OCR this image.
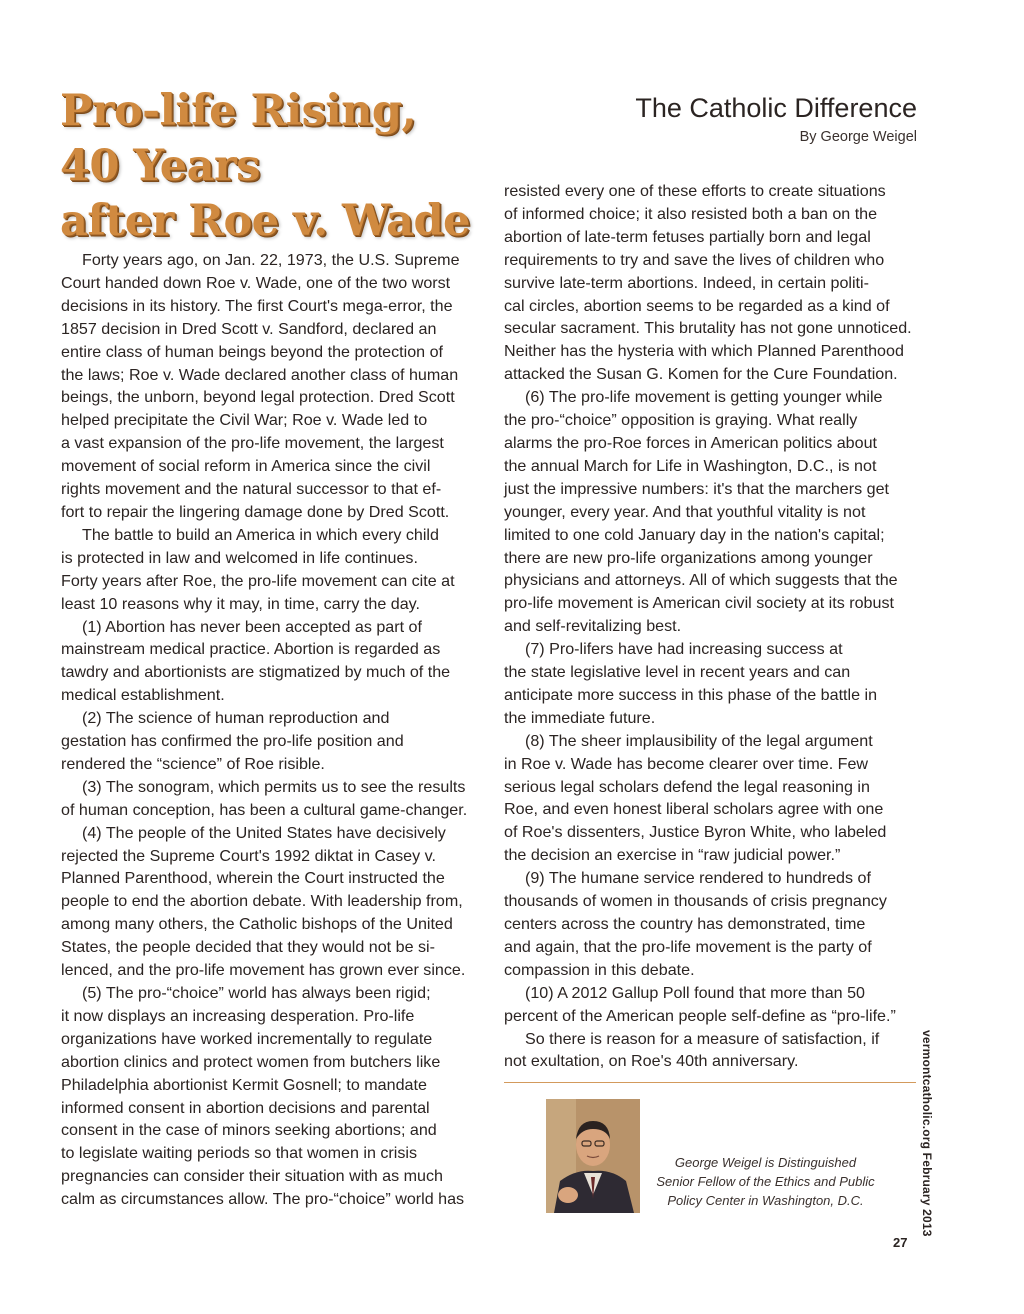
Pro-life Rising,
40 Years
after Roe v. Wade
The Catholic Difference
By George Weigel

Forty years ago, on Jan. 22, 1973, the U.S. Supreme
Court handed down Roe v. Wade, one of the two worst
decisions in its history. The first Court's mega-error, the
1857 decision in Dred Scott v. Sandford, declared an
entire class of human beings beyond the protection of
the laws; Roe v. Wade declared another class of human
beings, the unborn, beyond legal protection. Dred Scott
helped precipitate the Civil War; Roe v. Wade led to
a vast expansion of the pro-life movement, the largest
movement of social reform in America since the civil
rights movement and the natural successor to that ef-
fort to repair the lingering damage done by Dred Scott.

The battle to build an America in which every child
is protected in law and welcomed in life continues.
Forty years after Roe, the pro-life movement can cite at
least 10 reasons why it may, in time, carry the day.

(1) Abortion has never been accepted as part of
mainstream medical practice. Abortion is regarded as
tawdry and abortionists are stigmatized by much of the
medical establishment.

(2) The science of human reproduction and
gestation has confirmed the pro-life position and
rendered the “science” of Roe risible.

(3) The sonogram, which permits us to see the results
of human conception, has been a cultural game-changer.

(4) The people of the United States have decisively
rejected the Supreme Court's 1992 diktat in Casey v.
Planned Parenthood, wherein the Court instructed the
people to end the abortion debate. With leadership from,
among many others, the Catholic bishops of the United
States, the people decided that they would not be si-
lenced, and the pro-life movement has grown ever since.

(5) The pro-“choice” world has always been rigid;
it now displays an increasing desperation. Pro-life
organizations have worked incrementally to regulate
abortion clinics and protect women from butchers like
Philadelphia abortionist Kermit Gosnell; to mandate
informed consent in abortion decisions and parental
consent in the case of minors seeking abortions; and
to legislate waiting periods so that women in crisis
pregnancies can consider their situation with as much
calm as circumstances allow. The pro-“choice” world has

resisted every one of these efforts to create situations
of informed choice; it also resisted both a ban on the
abortion of late-term fetuses partially born and legal
requirements to try and save the lives of children who
survive late-term abortions. Indeed, in certain politi-
cal circles, abortion seems to be regarded as a kind of
secular sacrament. This brutality has not gone unnoticed.
Neither has the hysteria with which Planned Parenthood
attacked the Susan G. Komen for the Cure Foundation.

(6) The pro-life movement is getting younger while
the pro-“choice” opposition is graying. What really
alarms the pro-Roe forces in American politics about
the annual March for Life in Washington, D.C., is not
just the impressive numbers: it's that the marchers get
younger, every year. And that youthful vitality is not
limited to one cold January day in the nation's capital;
there are new pro-life organizations among younger
physicians and attorneys. All of which suggests that the
pro-life movement is American civil society at its robust
and self-revitalizing best.

(7) Pro-lifers have had increasing success at
the state legislative level in recent years and can
anticipate more success in this phase of the battle in
the immediate future.

(8) The sheer implausibility of the legal argument
in Roe v. Wade has become clearer over time. Few
serious legal scholars defend the legal reasoning in
Roe, and even honest liberal scholars agree with one
of Roe's dissenters, Justice Byron White, who labeled
the decision an exercise in “raw judicial power.”

(9) The humane service rendered to hundreds of
thousands of women in thousands of crisis pregnancy
centers across the country has demonstrated, time
and again, that the pro-life movement is the party of
compassion in this debate.

(10) A 2012 Gallup Poll found that more than 50
percent of the American people self-define as “pro-life.”

So there is reason for a measure of satisfaction, if
not exultation, on Roe's 40th anniversary.

George Weigel is Distinguished
Senior Fellow of the Ethics and Public
Policy Center in Washington, D.C.	vermontcatholic.org February 2013
27
